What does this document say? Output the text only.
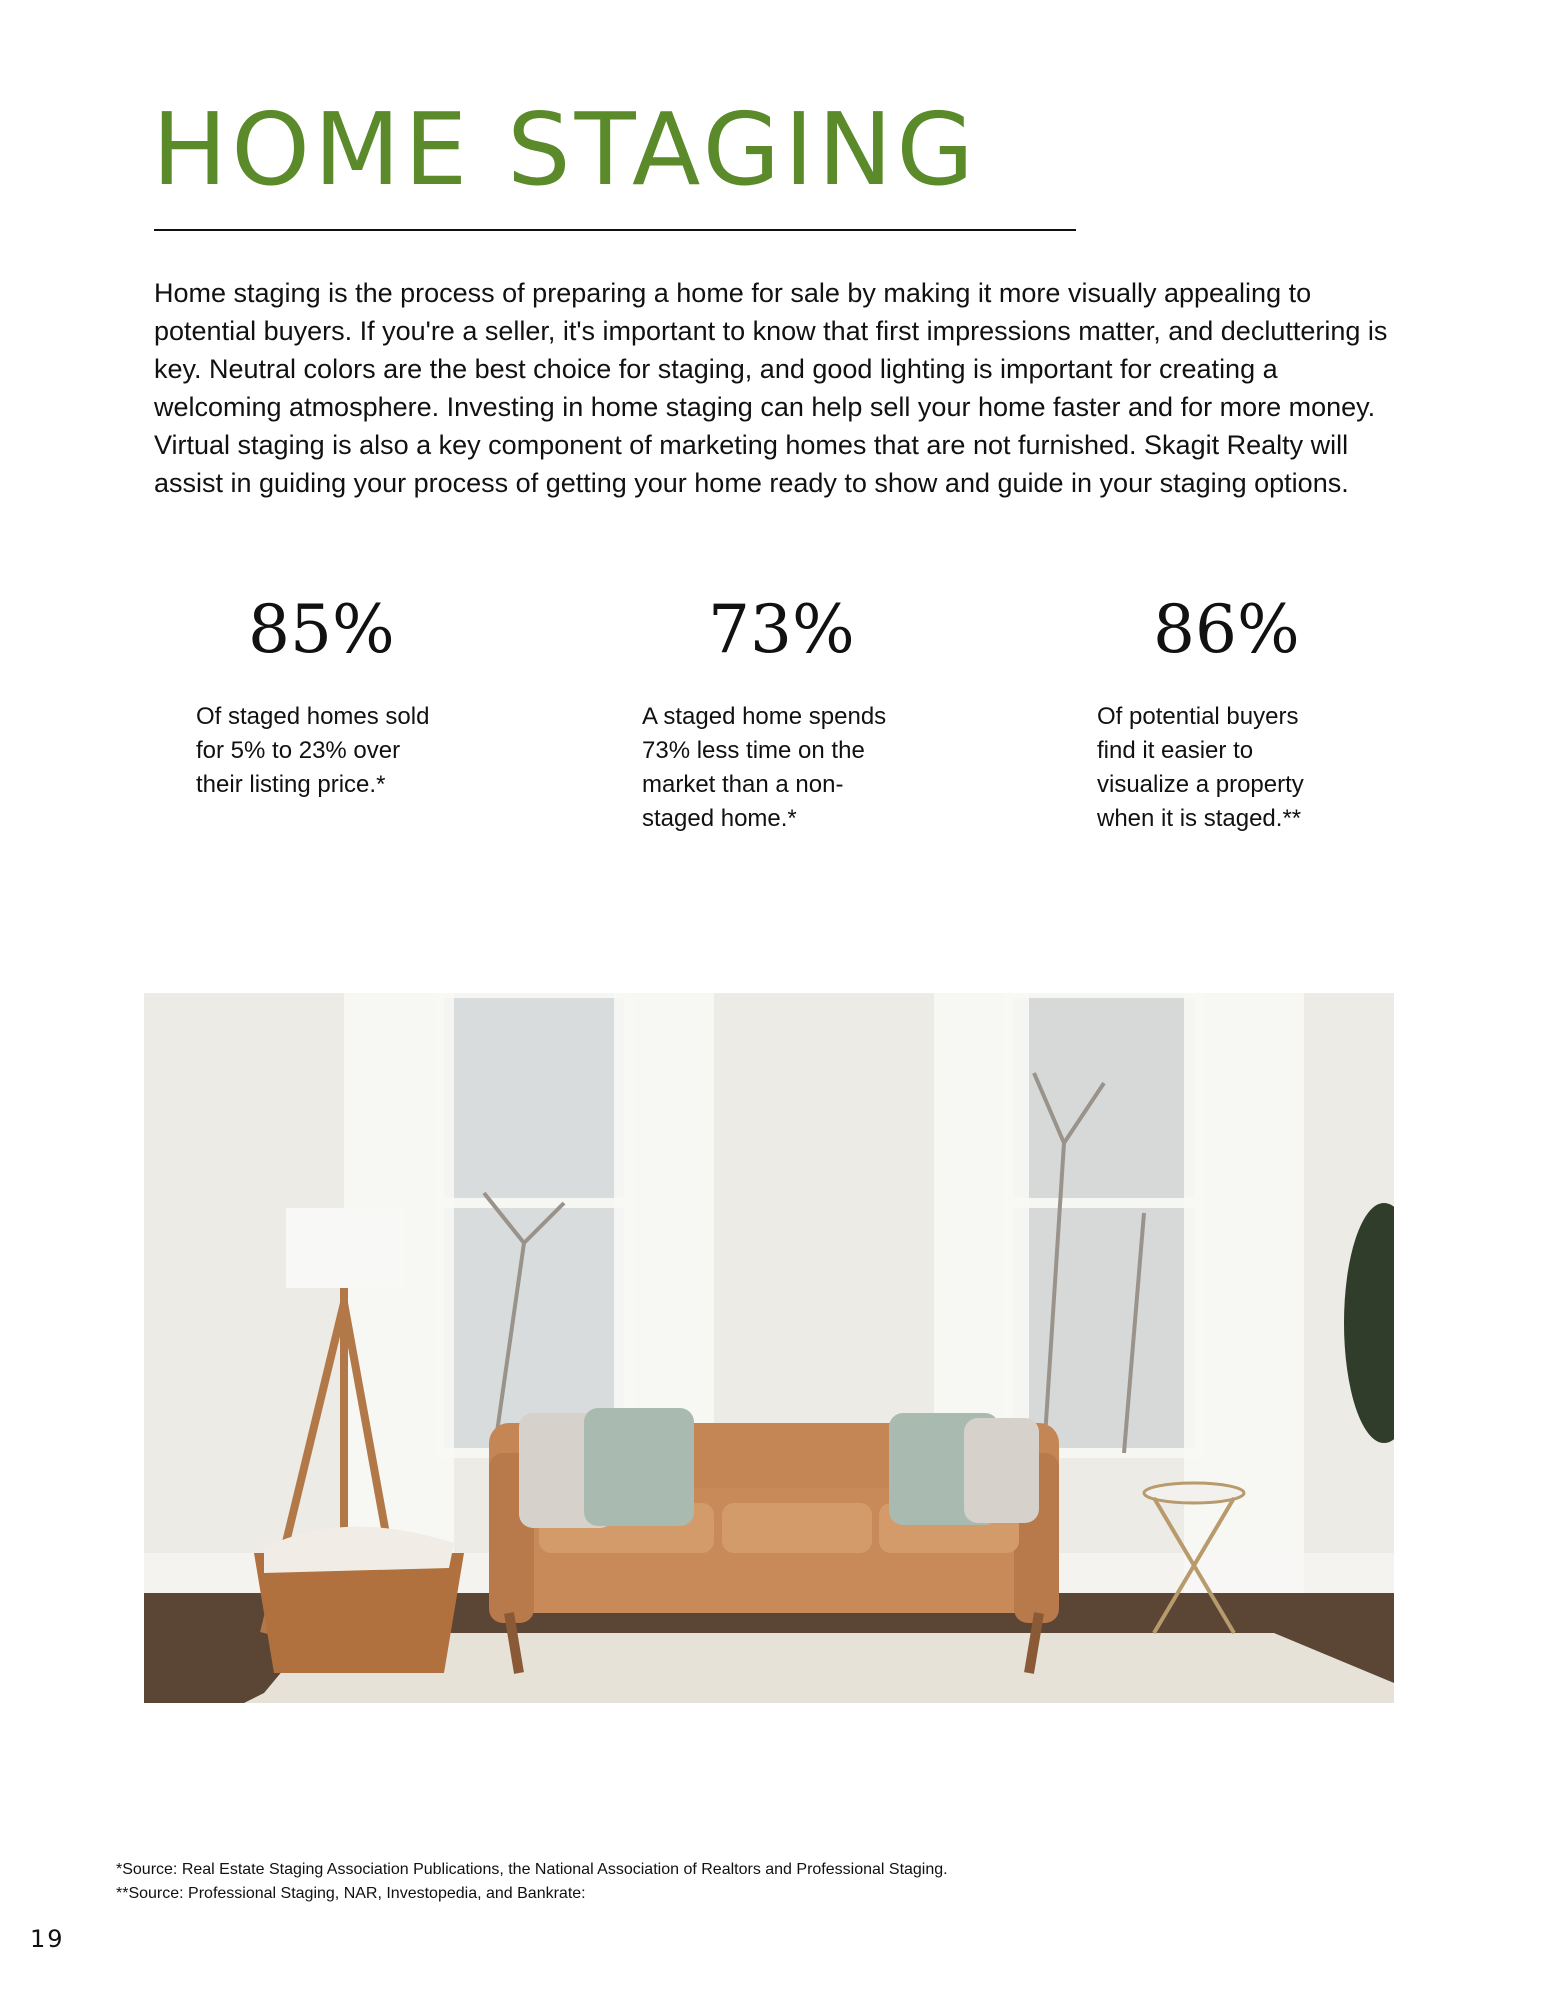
HOME STAGING

Home staging is the process of preparing a home for sale by making it more visually appealing to potential buyers. If you're a seller, it's important to know that first impressions matter, and decluttering is key. Neutral colors are the best choice for staging, and good lighting is important for creating a welcoming atmosphere. Investing in home staging can help sell your home faster and for more money. Virtual staging is also a key component of marketing homes that are not furnished. Skagit Realty will assist in guiding your process of getting your home ready to show and guide in your staging options.

85%
Of staged homes sold for 5% to 23% over their listing price.*
73%
A staged home spends 73% less time on the market than a non-staged home.*
86%
Of potential buyers find it easier to visualize a property when it is staged.**
*Source: Real Estate Staging Association Publications, the National Association of Realtors and Professional Staging.
**Source: Professional Staging, NAR, Investopedia, and Bankrate:
19
